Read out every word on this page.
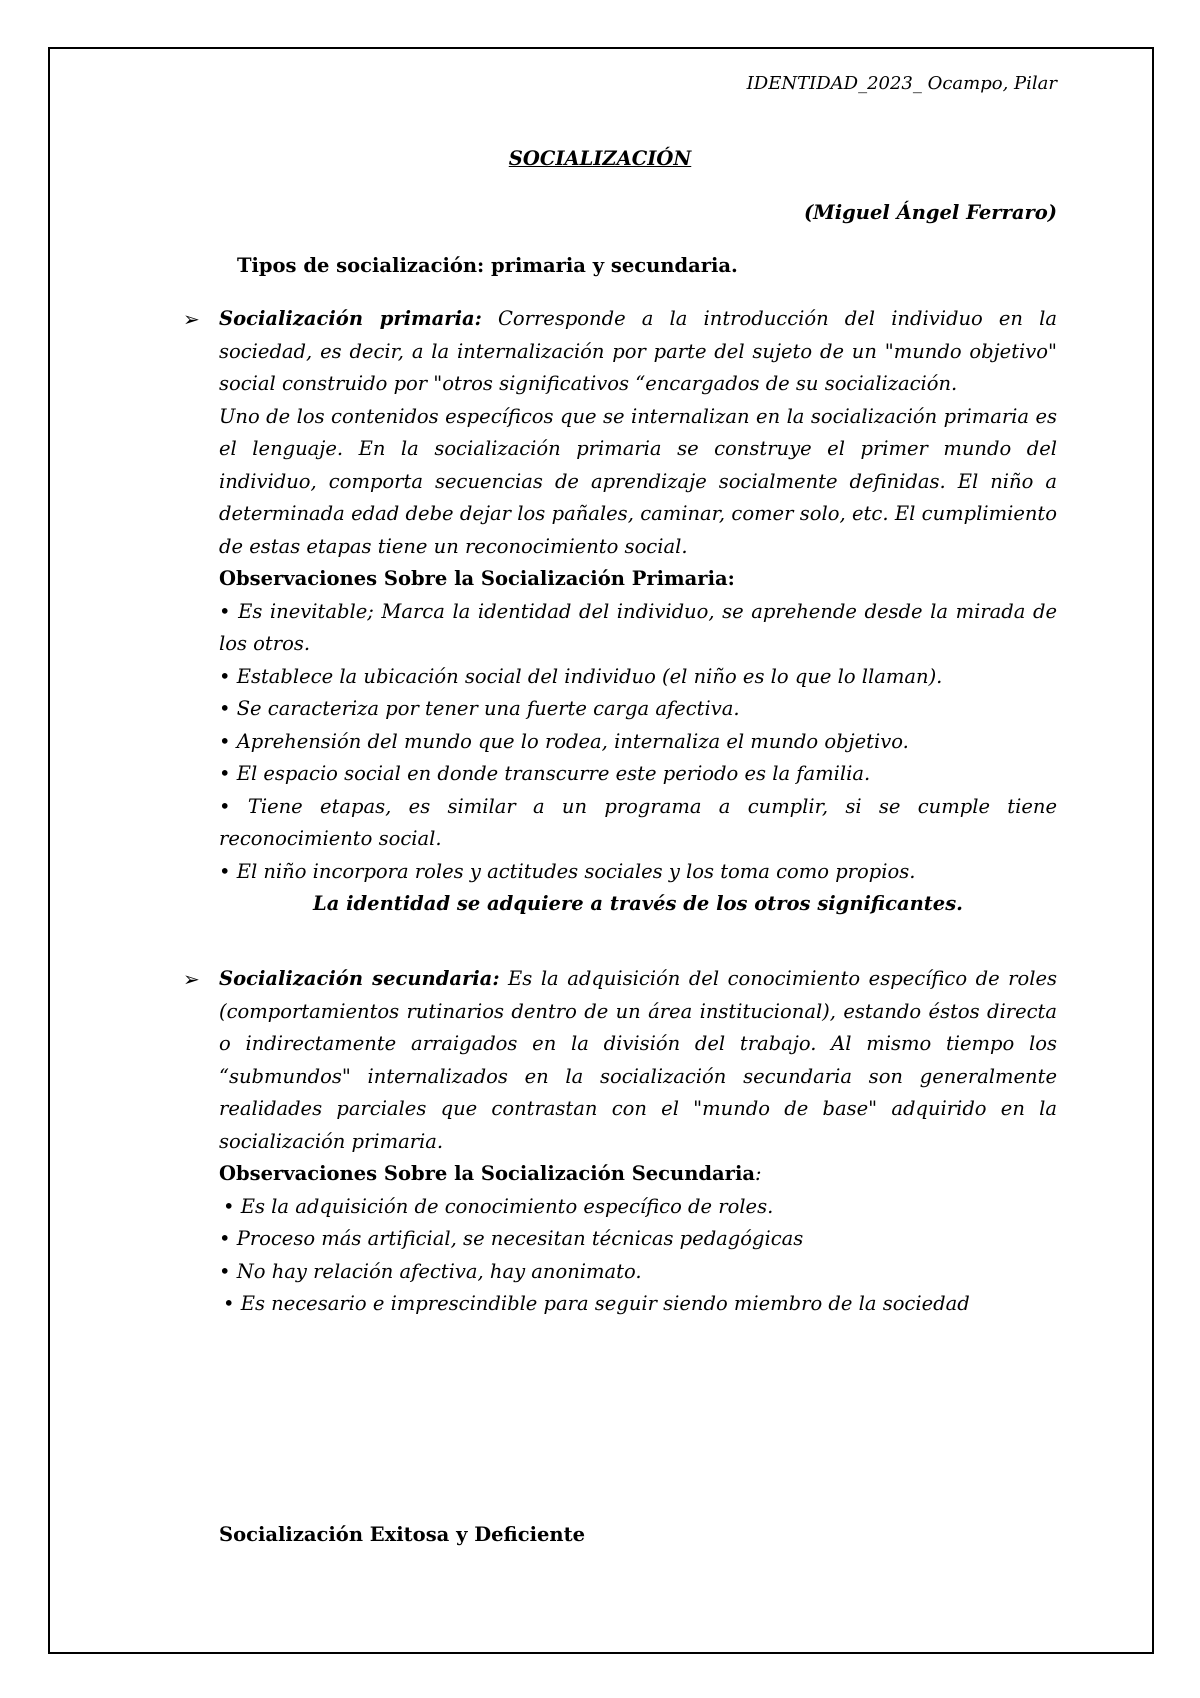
IDENTIDAD_2023_ Ocampo, Pilar
SOCIALIZACIÓN
(Miguel Ángel Ferraro)
Tipos de socialización: primaria y secundaria.
➢ Socialización primaria: Corresponde a la introducción del individuo en la sociedad, es decir, a la internalización por parte del sujeto de un "mundo objetivo" social construido por "otros significativos “encargados de su socialización.

Uno de los contenidos específicos que se internalizan en la socialización primaria es el lenguaje. En la socialización primaria se construye el primer mundo del individuo, comporta secuencias de aprendizaje socialmente definidas. El niño a determinada edad debe dejar los pañales, caminar, comer solo, etc. El cumplimiento de estas etapas tiene un reconocimiento social.

Observaciones Sobre la Socialización Primaria:

• Es inevitable; Marca la identidad del individuo, se aprehende desde la mirada de los otros.

• Establece la ubicación social del individuo (el niño es lo que lo llaman).

• Se caracteriza por tener una fuerte carga afectiva.

• Aprehensión del mundo que lo rodea, internaliza el mundo objetivo.

• El espacio social en donde transcurre este periodo es la familia.

• Tiene etapas, es similar a un programa a cumplir, si se cumple tiene reconocimiento social.

• El niño incorpora roles y actitudes sociales y los toma como propios.

La identidad se adquiere a través de los otros significantes.

➢ Socialización secundaria: Es la adquisición del conocimiento específico de roles (comportamientos rutinarios dentro de un área institucional), estando éstos directa o indirectamente arraigados en la división del trabajo. Al mismo tiempo los “submundos" internalizados en la socialización secundaria son generalmente realidades parciales que contrastan con el "mundo de base" adquirido en la socialización primaria.

Observaciones Sobre la Socialización Secundaria:

• Es la adquisición de conocimiento específico de roles.

• Proceso más artificial, se necesitan técnicas pedagógicas

• No hay relación afectiva, hay anonimato.

• Es necesario e imprescindible para seguir siendo miembro de la sociedad

Socialización Exitosa y Deficiente
